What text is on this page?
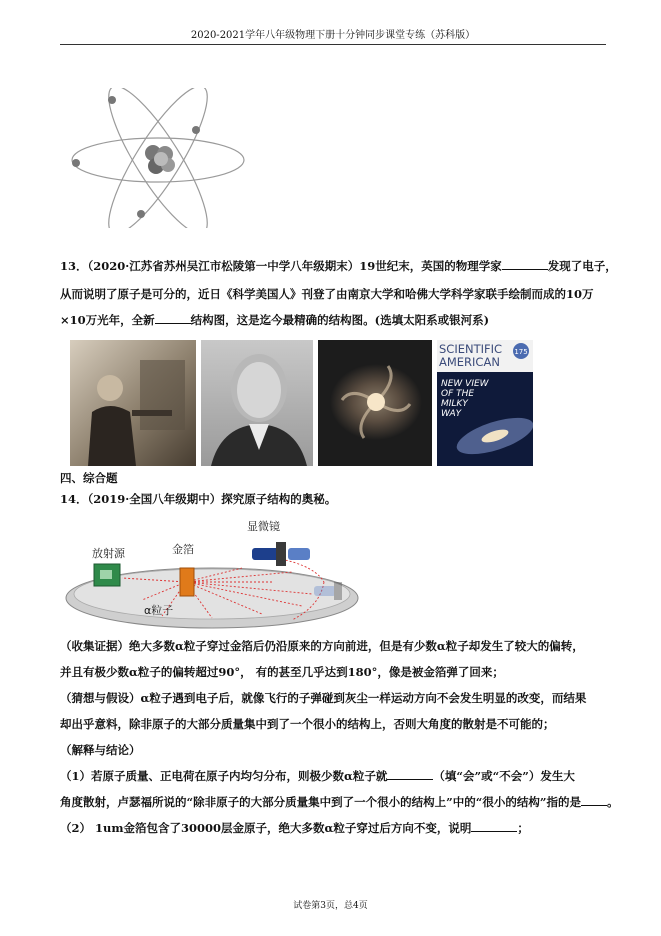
2020-2021学年八年级物理下册十分钟同步课堂专练（苏科版）
13．（2020·江苏省苏州吴江市松陵第一中学八年级期末）19世纪末，英国的物理学家	发现了电子，
从而说明了原子是可分的，近日《科学美国人》刊登了由南京大学和哈佛大学科学家联手绘制而成的10万
×10万光年，全新	结构图，这是迄今最精确的结构图。(选填太阳系或银河系)
175
SCIENTIFIC
AMERICAN
NEW VIEW
OF THE
MILKY
WAY
四、综合题
14．（2019·全国八年级期中）探究原子结构的奥秘。
放射源	金箔
显微镜
α粒子
（收集证据）绝大多数α粒子穿过金箔后仍沿原来的方向前进，但是有少数α粒子却发生了较大的偏转，
并且有极少数α粒子的偏转超过90°， 有的甚至几乎达到180°，像是被金箔弹了回来；
（猜想与假设）α粒子遇到电子后，就像飞行的子弹碰到灰尘一样运动方向不会发生明显的改变，而结果
却出乎意料，除非原子的大部分质量集中到了一个很小的结构上，否则大角度的散射是不可能的；
（解释与结论）
（1）若原子质量、正电荷在原子内均匀分布，则极少数α粒子就	（填“会”或“不会”）发生大
角度散射，卢瑟福所说的“除非原子的大部分质量集中到了一个很小的结构上”中的“很小的结构”指的是 。
（2） 1um金箔包含了30000层金原子，绝大多数α粒子穿过后方向不变，说明	；
试卷第3页，总4页
